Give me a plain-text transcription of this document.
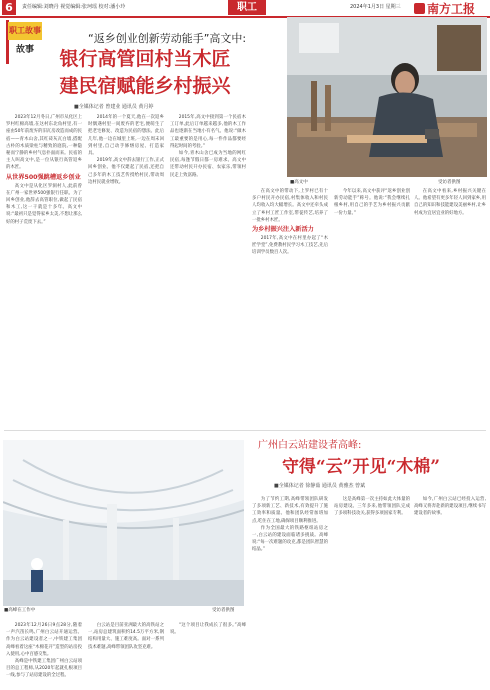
6	责任编辑:刘晓丹 视觉编辑:张珂瑶 校对:潘小玲	职工	2024年1月3日 星期三	南方工报
职工故事
故事
“返乡创业创新劳动能手”高文中:
银行高管回村当木匠
建民宿赋能乡村振兴
■全媒体记者 曾建业 通讯员 黄月婷
■高文中	受访者供图

2023年12月冬日,广州市从化区上罗村红棉高墙,在这村东北角村里,有一座由50年前废弃的旧瓦房改造而成的民宿——青木山舍,其红砖灰瓦白墙,搭配古朴的木质梁柱与精致的庭院,一种隐秘而宁静的乡村气息扑面而来。民宿的主人叫高文中,是一位从银行高管返乡的木匠。

从世界500强跳槽返乡创业

高文中是从化区罗洞村人,此前曾在广州一家世界500强银行任职。为了回乡创业,他辞去高管职位,做起了民宿和木工,这一干就是十多年。高文中说:“最初只是觉得家乡太美,不想让那么好的村子荒废下去。”

2014年的一个夏天,他在一次返乡时偶遇村里一间废弃的老宅,便萌生了把老宅修复、改造为民宿的想法。此后几年,他一边在城里上班,一边在周末回到村里,自己动手修缮房屋、打造家具。

2019年,高文中辞去银行工作,正式回乡创业。他不仅建起了民宿,还把自己多年的木工技艺传授给村民,带动周边村民就业增收。

2015年,高文中接到第一个民宿木工订单,此后订单越来越多,他的木工作品也逐渐在当地小有名气。他说:“做木工最重要的是用心,每一件作品都要经得起时间的考验。”

如今,青木山舍已成为当地的网红民宿,每逢节假日都一房难求。高文中还带动村民开办民宿、农家乐,带领村民走上致富路。

在高文中的带动下,上罗村已有十多户村民开办民宿,村集体收入和村民人均收入均大幅增长。高文中还牵头成立了乡村工匠工作室,带徒传艺,培养了一批乡村木匠。

为乡村振兴注入新活力

2017年,高文中在村里办起了“木匠学堂”,免费教村民学习木工技艺,先后培训学员数百人次。

今年以来,高文中获评“返乡创业创新劳动能手”称号。他说:“我会继续扎根乡村,用自己的手艺为乡村振兴贡献一份力量。”

在高文中看来,乡村振兴关键在人。他希望有更多年轻人回到家乡,用自己的知识和技能建设美丽乡村,让乡村成为宜居宜业的好地方。

■高峰在工作中	受访者供图
广州白云站建设者高峰:
守得“云”开见“木棉”
■全媒体记者 徐静茹 通讯员 黄雅杰 曾斌

2023年12月26日9点28分,随着一声汽笛长鸣,广州白云站开通运营。作为白云站建设者之一,中铁建工集团高峰看着这座“木棉花开”造型的站房投入使用,心中百感交集。

高峰是中铁建工集团广州白云站项目的总工程师,从2020年起就扎根项目一线,参与了站房建设的全过程。

白云站是目前亚洲最大的高铁站之一,站房总建筑面积约14.5万平方米,钢结构用量大、施工难度高。面对一系列技术难题,高峰带领团队攻坚克难。

“这个项目让我成长了很多。”高峰说。

为了节约工期,高峰带领团队研发了多项新工艺、新技术,有效提升了施工效率和质量。他和团队经常加班加点,吃住在工地,确保项目顺利推进。

作为全国最大的铁路枢纽站房之一,白云站的建设面临诸多挑战。高峰说:“每一次难题的攻克,都是团队智慧的结晶。”

这是高峰第一次主持如此大体量的站房建设。三年多来,他带领团队完成了多项科技攻关,获得多项国家专利。

如今,广州白云站已经投入运营,高峰又将奔赴新的建设项目,继续书写建设者的故事。
